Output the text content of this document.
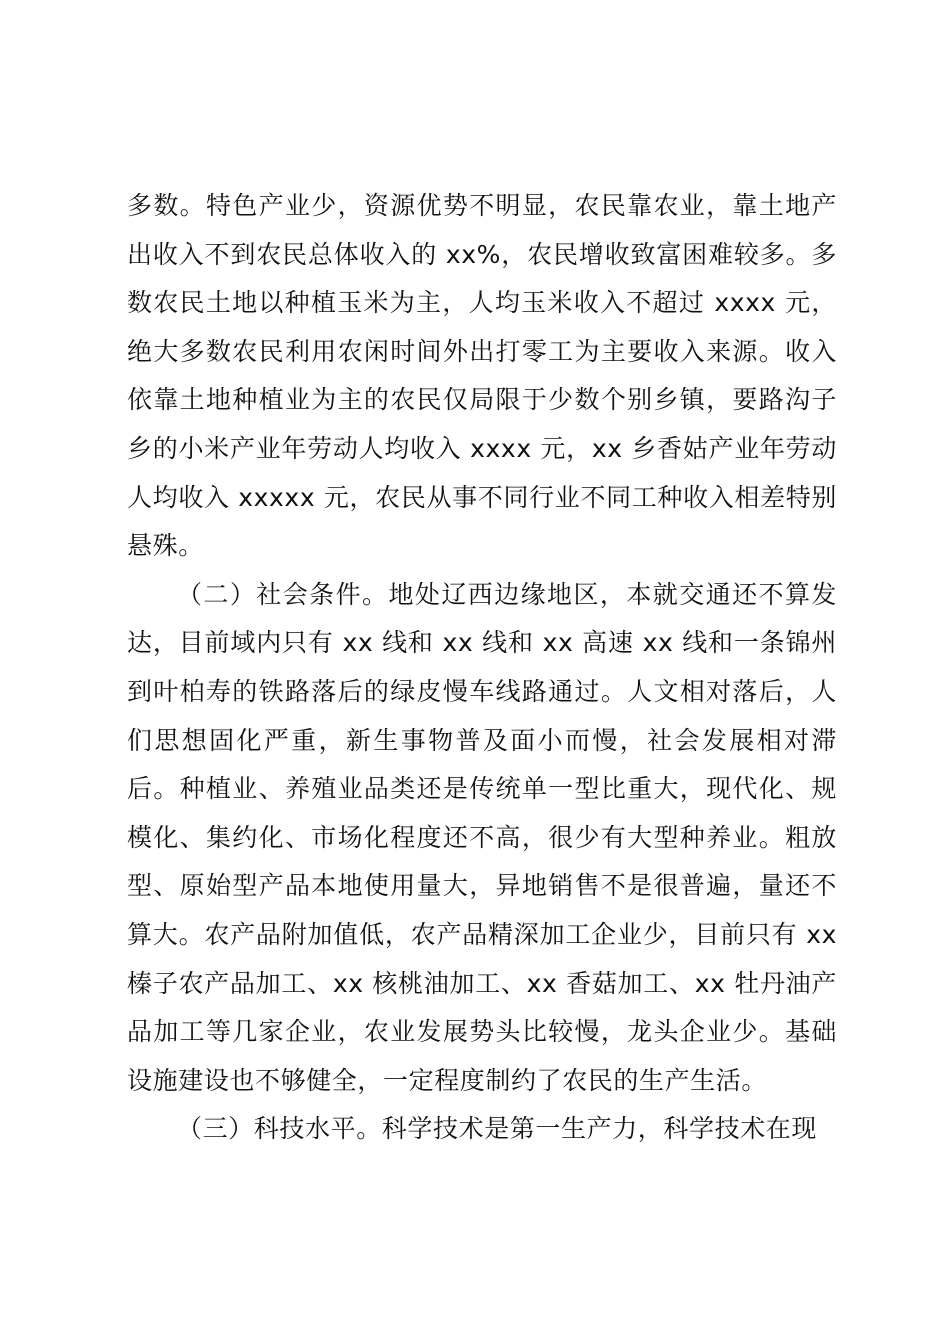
多数。特色产业少，资源优势不明显，农民靠农业，靠土地产出收入不到农民总体收入的 xx%，农民增收致富困难较多。多数农民土地以种植玉米为主，人均玉米收入不超过 xxxx 元，绝大多数农民利用农闲时间外出打零工为主要收入来源。收入依靠土地种植业为主的农民仅局限于少数个别乡镇，要路沟子乡的小米产业年劳动人均收入 xxxx 元，xx 乡香姑产业年劳动人均收入 xxxxx 元，农民从事不同行业不同工种收入相差特别悬殊。

（二）社会条件。地处辽西边缘地区，本就交通还不算发达，目前域内只有 xx 线和 xx 线和 xx 高速 xx 线和一条锦州到叶柏寿的铁路落后的绿皮慢车线路通过。人文相对落后，人们思想固化严重，新生事物普及面小而慢，社会发展相对滞后。种植业、养殖业品类还是传统单一型比重大，现代化、规模化、集约化、市场化程度还不高，很少有大型种养业。粗放型、原始型产品本地使用量大，异地销售不是很普遍，量还不算大。农产品附加值低，农产品精深加工企业少，目前只有 xx 榛子农产品加工、xx 核桃油加工、xx 香菇加工、xx 牡丹油产品加工等几家企业，农业发展势头比较慢，龙头企业少。基础设施建设也不够健全，一定程度制约了农民的生产生活。

（三）科技水平。科学技术是第一生产力，科学技术在现
